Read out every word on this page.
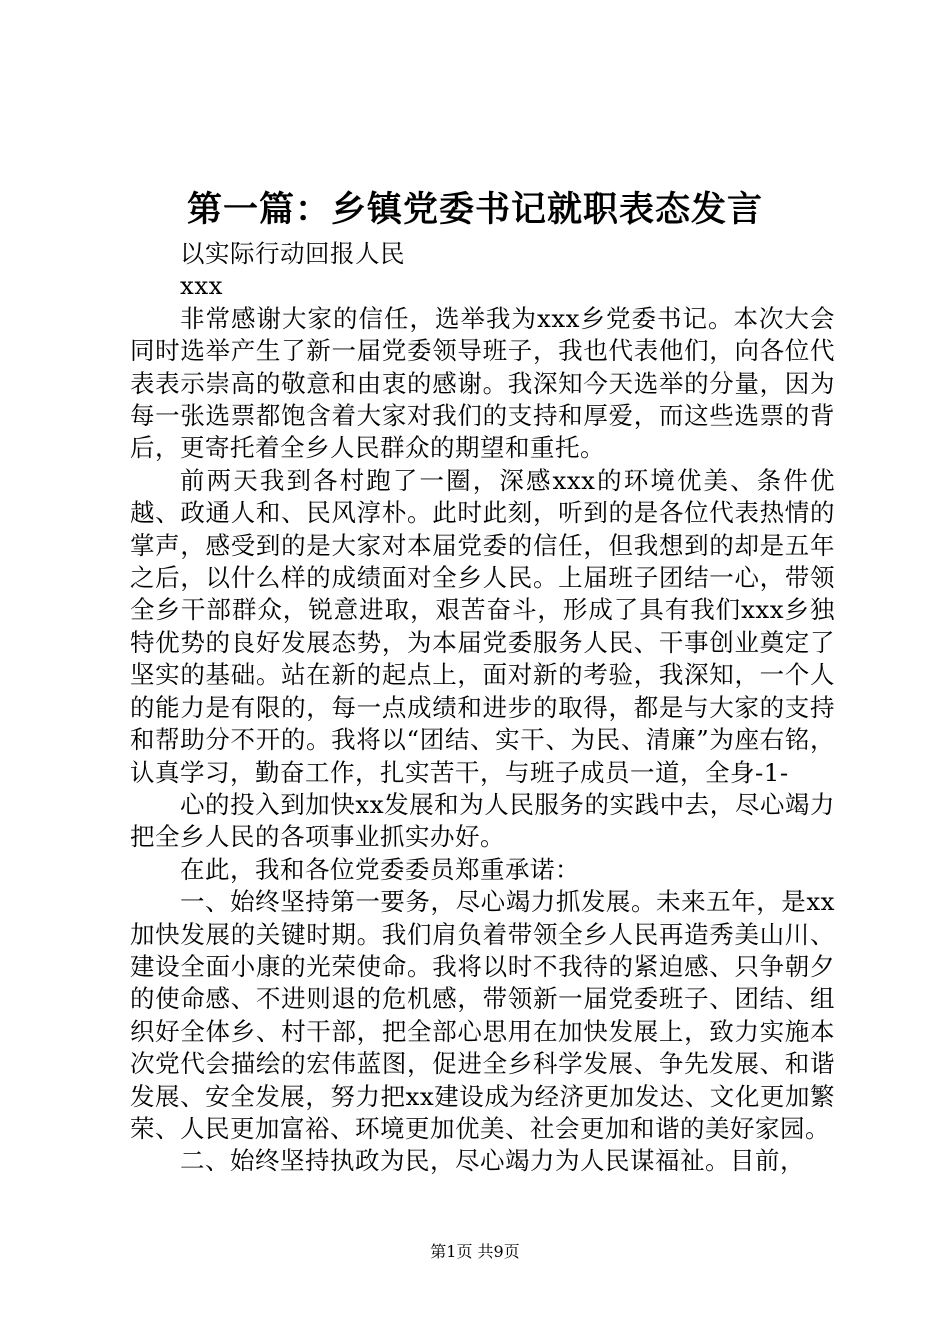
第一篇：乡镇党委书记就职表态发言

以实际行动回报人民

xxx

非常感谢大家的信任，选举我为xxx乡党委书记。本次大会同时选举产生了新一届党委领导班子，我也代表他们，向各位代表表示崇高的敬意和由衷的感谢。我深知今天选举的分量，因为每一张选票都饱含着大家对我们的支持和厚爱，而这些选票的背后，更寄托着全乡人民群众的期望和重托。

前两天我到各村跑了一圈，深感xxx的环境优美、条件优越、政通人和、民风淳朴。此时此刻，听到的是各位代表热情的掌声，感受到的是大家对本届党委的信任，但我想到的却是五年之后，以什么样的成绩面对全乡人民。上届班子团结一心，带领全乡干部群众，锐意进取，艰苦奋斗，形成了具有我们xxx乡独特优势的良好发展态势，为本届党委服务人民、干事创业奠定了坚实的基础。站在新的起点上，面对新的考验，我深知，一个人的能力是有限的，每一点成绩和进步的取得，都是与大家的支持和帮助分不开的。我将以“团结、实干、为民、清廉”为座右铭，认真学习，勤奋工作，扎实苦干，与班子成员一道，全身-1-

心的投入到加快xx发展和为人民服务的实践中去，尽心竭力把全乡人民的各项事业抓实办好。

在此，我和各位党委委员郑重承诺：

一、始终坚持第一要务，尽心竭力抓发展。未来五年，是xx加快发展的关键时期。我们肩负着带领全乡人民再造秀美山川、建设全面小康的光荣使命。我将以时不我待的紧迫感、只争朝夕的使命感、不进则退的危机感，带领新一届党委班子、团结、组织好全体乡、村干部，把全部心思用在加快发展上，致力实施本次党代会描绘的宏伟蓝图，促进全乡科学发展、争先发展、和谐发展、安全发展，努力把xx建设成为经济更加发达、文化更加繁荣、人民更加富裕、环境更加优美、社会更加和谐的美好家园。

二、始终坚持执政为民，尽心竭力为人民谋福祉。目前，

第1页 共9页
